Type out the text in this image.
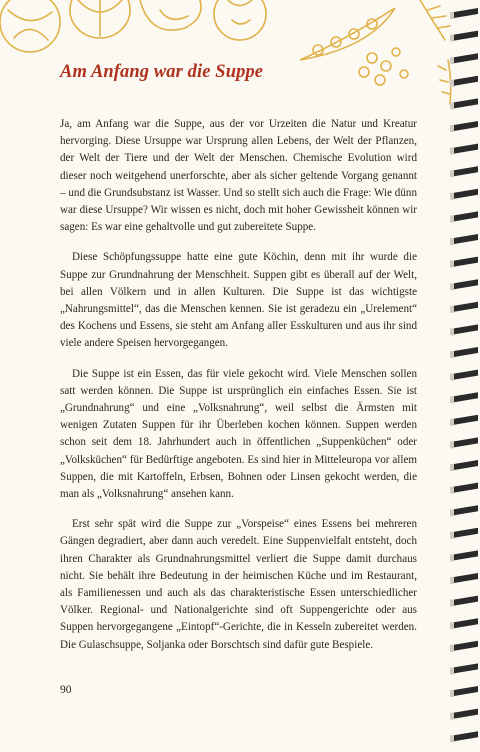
Am Anfang war die Suppe

Ja, am Anfang war die Suppe, aus der vor Urzeiten die Natur und Kreatur hervorging. Diese Ursuppe war Ursprung allen Lebens, der Welt der Pflanzen, der Welt der Tiere und der Welt der Menschen. Chemische Evolution wird dieser noch weitgehend unerforschte, aber als sicher geltende Vorgang genannt – und die Grundsubstanz ist Wasser. Und so stellt sich auch die Frage: Wie dünn war diese Ursuppe? Wir wissen es nicht, doch mit hoher Gewissheit können wir sagen: Es war eine gehaltvolle und gut zubereitete Suppe.

Diese Schöpfungssuppe hatte eine gute Köchin, denn mit ihr wurde die Suppe zur Grundnahrung der Menschheit. Suppen gibt es überall auf der Welt, bei allen Völkern und in allen Kulturen. Die Suppe ist das wichtigste „Nahrungsmittel“, das die Menschen kennen. Sie ist geradezu ein „Urelement“ des Kochens und Essens, sie steht am Anfang aller Esskulturen und aus ihr sind viele andere Speisen hervorgegangen.

Die Suppe ist ein Essen, das für viele gekocht wird. Viele Menschen sollen satt werden können. Die Suppe ist ursprünglich ein einfaches Essen. Sie ist „Grundnahrung“ und eine „Volksnahrung“, weil selbst die Ärmsten mit wenigen Zutaten Suppen für ihr Überleben kochen können. Suppen werden schon seit dem 18. Jahrhundert auch in öffentlichen „Suppenküchen“ oder „Volksküchen“ für Bedürftige angeboten. Es sind hier in Mitteleuropa vor allem Suppen, die mit Kartoffeln, Erbsen, Bohnen oder Linsen gekocht werden, die man als „Volksnahrung“ ansehen kann.

Erst sehr spät wird die Suppe zur „Vorspeise“ eines Essens bei mehreren Gängen degradiert, aber dann auch veredelt. Eine Suppenvielfalt entsteht, doch ihren Charakter als Grundnahrungsmittel verliert die Suppe damit durchaus nicht. Sie behält ihre Bedeutung in der heimischen Küche und im Restaurant, als Familienessen und auch als das charakteristische Essen unterschiedlicher Völker. Regional- und Nationalgerichte sind oft Suppengerichte oder aus Suppen hervorgegangene „Eintopf“-Gerichte, die in Kesseln zubereitet werden. Die Gulaschsuppe, Soljanka oder Borschtsch sind dafür gute Bespiele.

90
